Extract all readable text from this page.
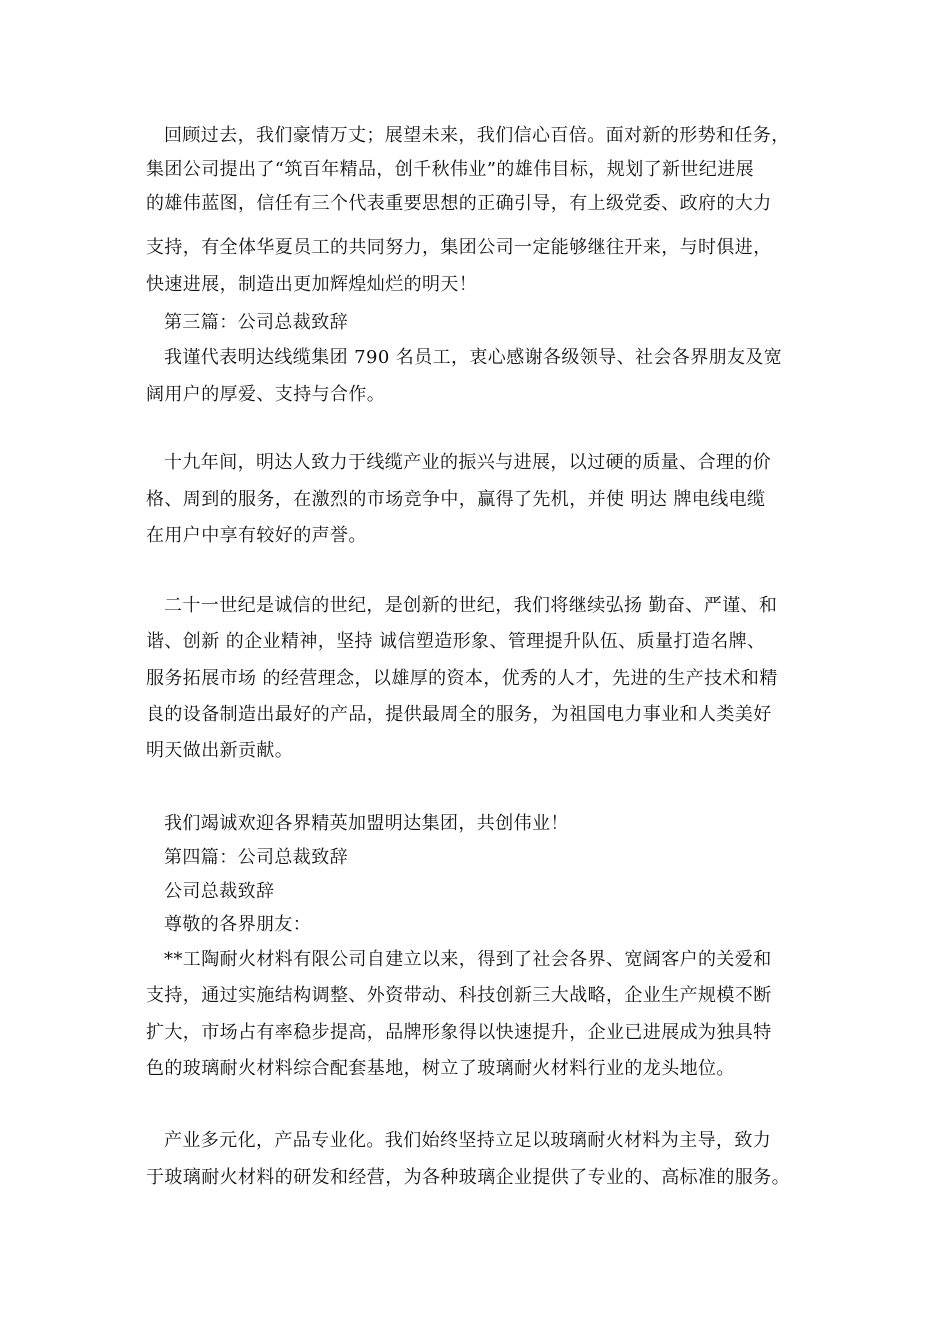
回顾过去，我们豪情万丈；展望未来，我们信心百倍。面对新的形势和任务，
集团公司提出了“筑百年精品，创千秋伟业”的雄伟目标，规划了新世纪进展
的雄伟蓝图，信任有三个代表重要思想的正确引导，有上级党委、政府的大力
支持，有全体华夏员工的共同努力，集团公司一定能够继往开来，与时俱进，
快速进展，制造出更加辉煌灿烂的明天！
第三篇：公司总裁致辞
我谨代表明达线缆集团 790 名员工，衷心感谢各级领导、社会各界朋友及宽
阔用户的厚爱、支持与合作。
十九年间，明达人致力于线缆产业的振兴与进展，以过硬的质量、合理的价
格、周到的服务，在激烈的市场竞争中，赢得了先机，并使 明达 牌电线电缆
在用户中享有较好的声誉。
二十一世纪是诚信的世纪，是创新的世纪，我们将继续弘扬 勤奋、严谨、和
谐、创新 的企业精神，坚持 诚信塑造形象、管理提升队伍、质量打造名牌、
服务拓展市场 的经营理念，以雄厚的资本，优秀的人才，先进的生产技术和精
良的设备制造出最好的产品，提供最周全的服务，为祖国电力事业和人类美好
明天做出新贡献。
我们竭诚欢迎各界精英加盟明达集团，共创伟业！
第四篇：公司总裁致辞
公司总裁致辞
尊敬的各界朋友：
**工陶耐火材料有限公司自建立以来，得到了社会各界、宽阔客户的关爱和
支持，通过实施结构调整、外资带动、科技创新三大战略，企业生产规模不断
扩大，市场占有率稳步提高，品牌形象得以快速提升，企业已进展成为独具特
色的玻璃耐火材料综合配套基地，树立了玻璃耐火材料行业的龙头地位。
产业多元化，产品专业化。我们始终坚持立足以玻璃耐火材料为主导，致力
于玻璃耐火材料的研发和经营，为各种玻璃企业提供了专业的、高标准的服务。
